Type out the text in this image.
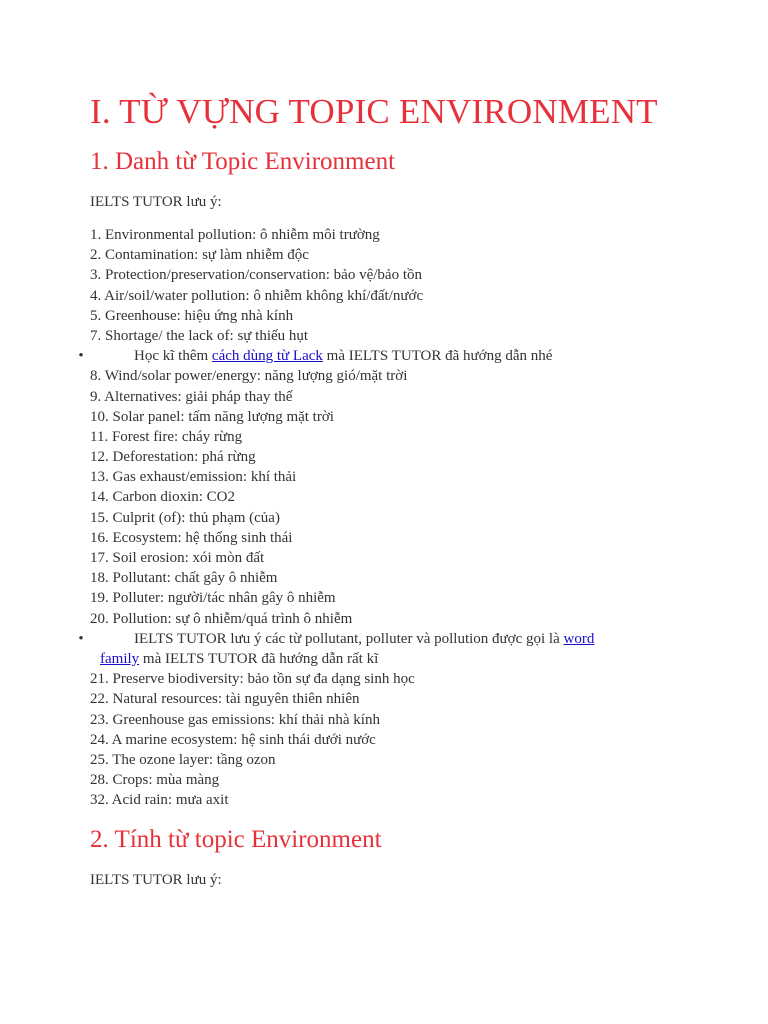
I. TỪ VỰNG TOPIC ENVIRONMENT
1. Danh từ Topic Environment

IELTS TUTOR lưu ý:

1. Environmental pollution: ô nhiễm môi trường
2. Contamination: sự làm nhiễm độc
3. Protection/preservation/conservation: bảo vệ/bảo tồn
4. Air/soil/water pollution: ô nhiễm không khí/đất/nước
5. Greenhouse: hiệu ứng nhà kính
7. Shortage/ the lack of: sự thiếu hụt
•	Học kĩ thêm cách dùng từ Lack mà IELTS TUTOR đã hướng dẫn nhé
8. Wind/solar power/energy: năng lượng gió/mặt trời
9. Alternatives: giải pháp thay thế
10. Solar panel: tấm năng lượng mặt trời
11. Forest fire: cháy rừng
12. Deforestation: phá rừng
13. Gas exhaust/emission: khí thải
14. Carbon dioxin: CO2
15. Culprit (of): thủ phạm (của)
16. Ecosystem: hệ thống sinh thái
17. Soil erosion: xói mòn đất
18. Pollutant: chất gây ô nhiễm
19. Polluter: người/tác nhân gây ô nhiễm
20. Pollution: sự ô nhiễm/quá trình ô nhiễm
•	IELTS TUTOR lưu ý các từ pollutant, polluter và pollution được gọi là word
family mà IELTS TUTOR đã hướng dẫn rất kĩ
21. Preserve biodiversity: bảo tồn sự đa dạng sinh học
22. Natural resources: tài nguyên thiên nhiên
23. Greenhouse gas emissions: khí thải nhà kính
24. A marine ecosystem: hệ sinh thái dưới nước
25. The ozone layer: tầng ozon
28. Crops: mùa màng
32. Acid rain: mưa axit
2. Tính từ topic Environment

IELTS TUTOR lưu ý:
